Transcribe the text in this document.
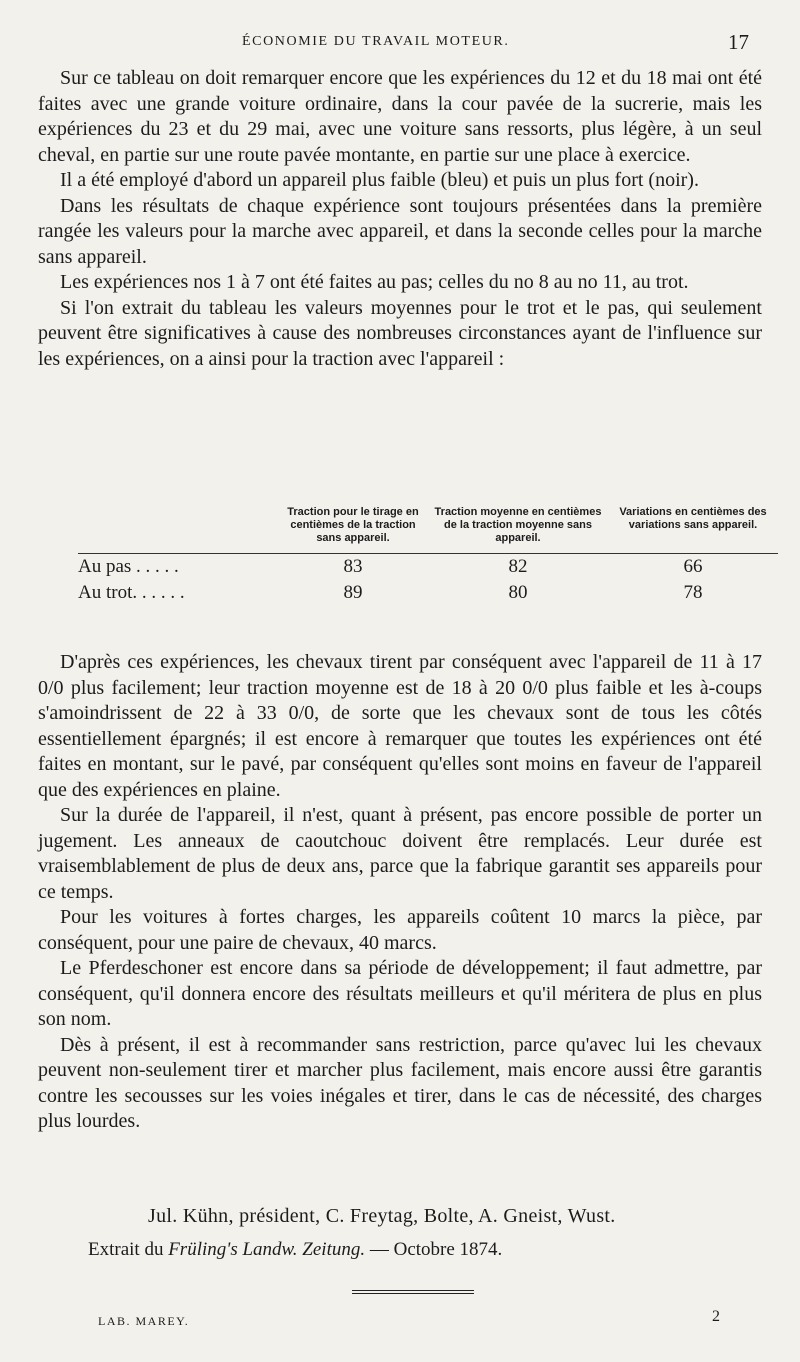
ÉCONOMIE DU TRAVAIL MOTEUR.	17

Sur ce tableau on doit remarquer encore que les expériences du 12 et du 18 mai ont été faites avec une grande voiture ordinaire, dans la cour pavée de la sucrerie, mais les expériences du 23 et du 29 mai, avec une voiture sans ressorts, plus légère, à un seul cheval, en partie sur une route pavée montante, en partie sur une place à exercice.

Il a été employé d'abord un appareil plus faible (bleu) et puis un plus fort (noir).

Dans les résultats de chaque expérience sont toujours présentées dans la première rangée les valeurs pour la marche avec appareil, et dans la seconde celles pour la marche sans appareil.

Les expériences nos 1 à 7 ont été faites au pas; celles du no 8 au no 11, au trot.

Si l'on extrait du tableau les valeurs moyennes pour le trot et le pas, qui seulement peuvent être significatives à cause des nombreuses circonstances ayant de l'influence sur les expériences, on a ainsi pour la traction avec l'appareil :

	Traction pour le tirage en centièmes de la traction sans appareil.	Traction moyenne en centièmes de la traction moyenne sans appareil.	Variations en centièmes des variations sans appareil.
Au pas . . . . .	83	82	66
Au trot. . . . . .	89	80	78

D'après ces expériences, les chevaux tirent par conséquent avec l'appareil de 11 à 17 0/0 plus facilement; leur traction moyenne est de 18 à 20 0/0 plus faible et les à-coups s'amoindrissent de 22 à 33 0/0, de sorte que les chevaux sont de tous les côtés essentiellement épargnés; il est encore à remarquer que toutes les expériences ont été faites en montant, sur le pavé, par conséquent qu'elles sont moins en faveur de l'appareil que des expériences en plaine.

Sur la durée de l'appareil, il n'est, quant à présent, pas encore possible de porter un jugement. Les anneaux de caoutchouc doivent être remplacés. Leur durée est vraisemblablement de plus de deux ans, parce que la fabrique garantit ses appareils pour ce temps.

Pour les voitures à fortes charges, les appareils coûtent 10 marcs la pièce, par conséquent, pour une paire de chevaux, 40 marcs.

Le Pferdeschoner est encore dans sa période de développement; il faut admettre, par conséquent, qu'il donnera encore des résultats meilleurs et qu'il méritera de plus en plus son nom.

Dès à présent, il est à recommander sans restriction, parce qu'avec lui les chevaux peuvent non-seulement tirer et marcher plus facilement, mais encore aussi être garantis contre les secousses sur les voies inégales et tirer, dans le cas de nécessité, des charges plus lourdes.

Jul. Kühn, président, C. Freytag, Bolte, A. Gneist, Wust.
Extrait du Früling's Landw. Zeitung. — Octobre 1874.
LAB. MAREY.	2
